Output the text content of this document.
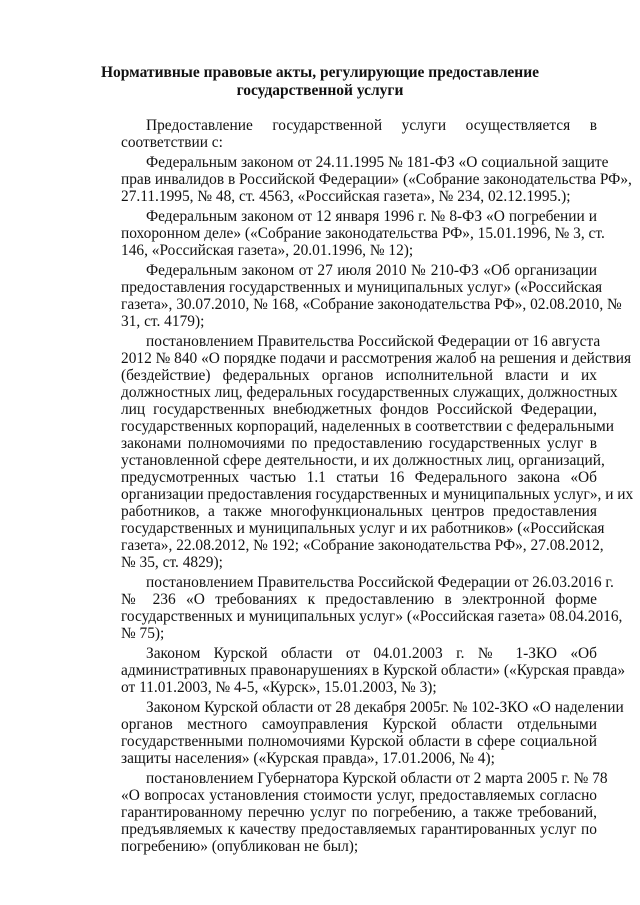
Нормативные правовые акты, регулирующие предоставление
государственной услуги
Предоставление государственной услуги осуществляется в
соответствии с:
Федеральным законом от 24.11.1995 № 181-ФЗ «О социальной защите
прав инвалидов в Российской Федерации» («Собрание законодательства РФ»,
27.11.1995, № 48, ст. 4563, «Российская газета», № 234, 02.12.1995.);
Федеральным законом от 12 января 1996 г. № 8-ФЗ «О погребении и
похоронном деле» («Собрание законодательства РФ», 15.01.1996, № 3, ст.
146, «Российская газета», 20.01.1996, № 12);
Федеральным законом от 27 июля 2010 № 210-ФЗ «Об организации
предоставления государственных и муниципальных услуг» («Российская
газета», 30.07.2010, № 168, «Собрание законодательства РФ», 02.08.2010, №
31, ст. 4179);
постановлением Правительства Российской Федерации от 16 августа
2012 № 840 «О порядке подачи и рассмотрения жалоб на решения и действия
(бездействие) федеральных органов исполнительной власти и их
должностных лиц, федеральных государственных служащих, должностных
лиц государственных внебюджетных фондов Российской Федерации,
государственных корпораций, наделенных в соответствии с федеральными
законами полномочиями по предоставлению государственных услуг в
установленной сфере деятельности, и их должностных лиц, организаций,
предусмотренных частью 1.1 статьи 16 Федерального закона «Об
организации предоставления государственных и муниципальных услуг», и их
работников, а также многофункциональных центров предоставления
государственных и муниципальных услуг и их работников» («Российская
газета», 22.08.2012, № 192; «Собрание законодательства РФ», 27.08.2012,
№ 35, ст. 4829);
постановлением Правительства Российской Федерации от 26.03.2016 г.
№ 236 «О требованиях к предоставлению в электронной форме
государственных и муниципальных услуг» («Российская газета» 08.04.2016,
№ 75);
Законом Курской области от 04.01.2003 г. № 1-ЗКО «Об
административных правонарушениях в Курской области» («Курская правда»
от 11.01.2003, № 4-5, «Курск», 15.01.2003, № 3);
Законом Курской области от 28 декабря 2005г. № 102-ЗКО «О наделении
органов местного самоуправления Курской области отдельными
государственными полномочиями Курской области в сфере социальной
защиты населения» («Курская правда», 17.01.2006, № 4);
постановлением Губернатора Курской области от 2 марта 2005 г. № 78
«О вопросах установления стоимости услуг, предоставляемых согласно
гарантированному перечню услуг по погребению, а также требований,
предъявляемых к качеству предоставляемых гарантированных услуг по
погребению» (опубликован не был);
